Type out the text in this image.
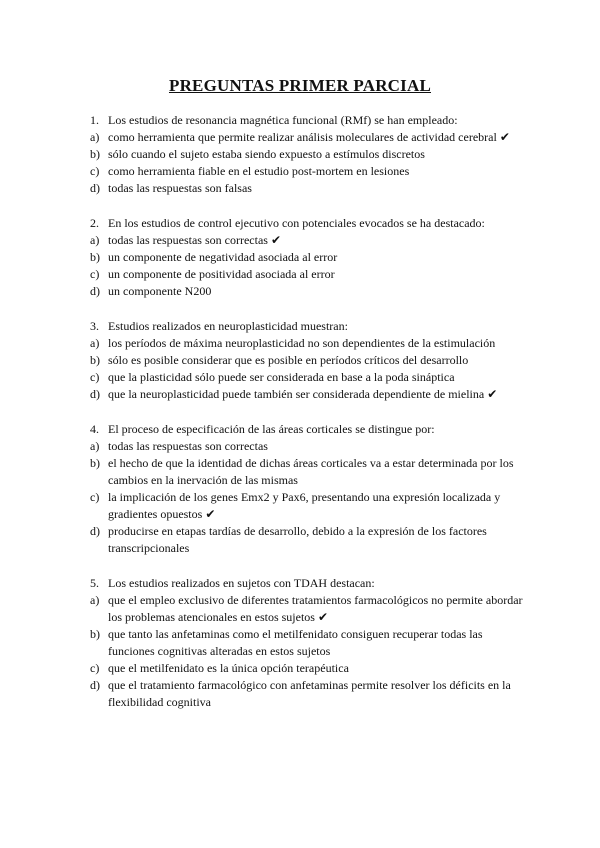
PREGUNTAS PRIMER PARCIAL
1. Los estudios de resonancia magnética funcional (RMf) se han empleado:
a) como herramienta que permite realizar análisis moleculares de actividad cerebral ✔
b) sólo cuando el sujeto estaba siendo expuesto a estímulos discretos
c) como herramienta fiable en el estudio post-mortem en lesiones
d) todas las respuestas son falsas
2. En los estudios de control ejecutivo con potenciales evocados se ha destacado:
a) todas las respuestas son correctas ✔
b) un componente de negatividad asociada al error
c) un componente de positividad asociada al error
d) un componente N200
3. Estudios realizados en neuroplasticidad muestran:
a) los períodos de máxima neuroplasticidad no son dependientes de la estimulación
b) sólo es posible considerar que es posible en períodos críticos del desarrollo
c) que la plasticidad sólo puede ser considerada en base a la poda sináptica
d) que la neuroplasticidad puede también ser considerada dependiente de mielina ✔
4. El proceso de especificación de las áreas corticales se distingue por:
a) todas las respuestas son correctas
b) el hecho de que la identidad de dichas áreas corticales va a estar determinada por los cambios en la inervación de las mismas
c) la implicación de los genes Emx2 y Pax6, presentando una expresión localizada y gradientes opuestos ✔
d) producirse en etapas tardías de desarrollo, debido a la expresión de los factores transcripcionales
5. Los estudios realizados en sujetos con TDAH destacan:
a) que el empleo exclusivo de diferentes tratamientos farmacológicos no permite abordar los problemas atencionales en estos sujetos ✔
b) que tanto las anfetaminas como el metilfenidato consiguen recuperar todas las funciones cognitivas alteradas en estos sujetos
c) que el metilfenidato es la única opción terapéutica
d) que el tratamiento farmacológico con anfetaminas permite resolver los déficits en la flexibilidad cognitiva
